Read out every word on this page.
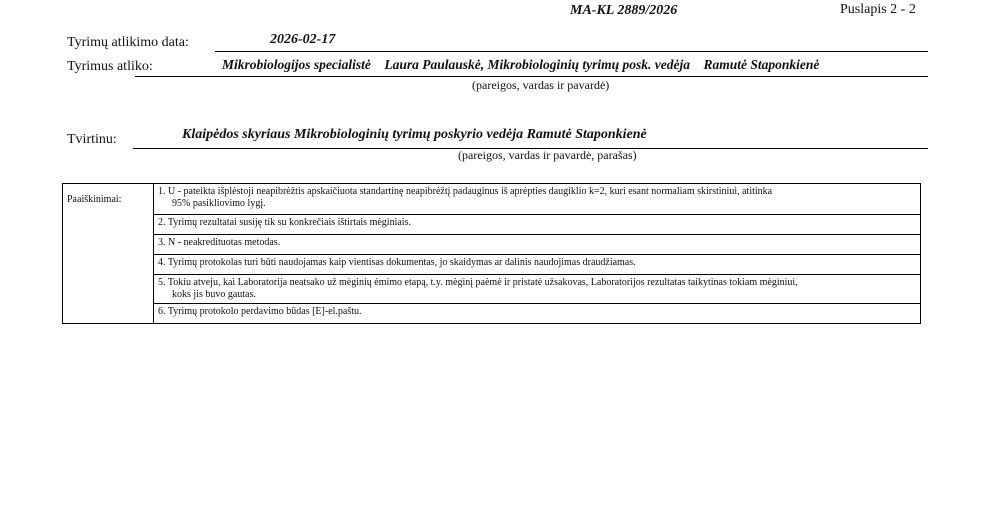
MA-KL 2889/2026	Puslapis 2 - 2
Tyrimų atlikimo data:	2026-02-17
Tyrimus atliko:	Mikrobiologijos specialistė    Laura Paulauskė, Mikrobiologinių tyrimų posk. vedėja    Ramutė Staponkienė
(pareigos, vardas ir pavardė)
Tvirtinu:	Klaipėdos skyriaus Mikrobiologinių tyrimų poskyrio vedėja Ramutė Staponkienė
(pareigos, vardas ir pavardė, parašas)
Paaiškinimai:	1. U - pateikta išplėstoji neapibrėžtis apskaičiuota standartinę neapibrėžtį padauginus iš aprėpties daugiklio k=2, kuri esant normaliam skirstiniui, atitinka
95% pasikliovimo lygį.

2. Tyrimų rezultatai susiję tik su konkrečiais ištirtais mėginiais.
3. N - neakredituotas metodas.
4. Tyrimų protokolas turi būti naudojamas kaip vientisas dokumentas, jo skaidymas ar dalinis naudojimas draudžiamas.
5. Tokiu atveju, kai Laboratorija neatsako už mėginių ėmimo etapą, t.y. mėginį paėmė ir pristatė užsakovas, Laboratorijos rezultatas taikytinas tokiam mėginiui,
koks jis buvo gautas.

6. Tyrimų protokolo perdavimo būdas [E]-el.paštu.
